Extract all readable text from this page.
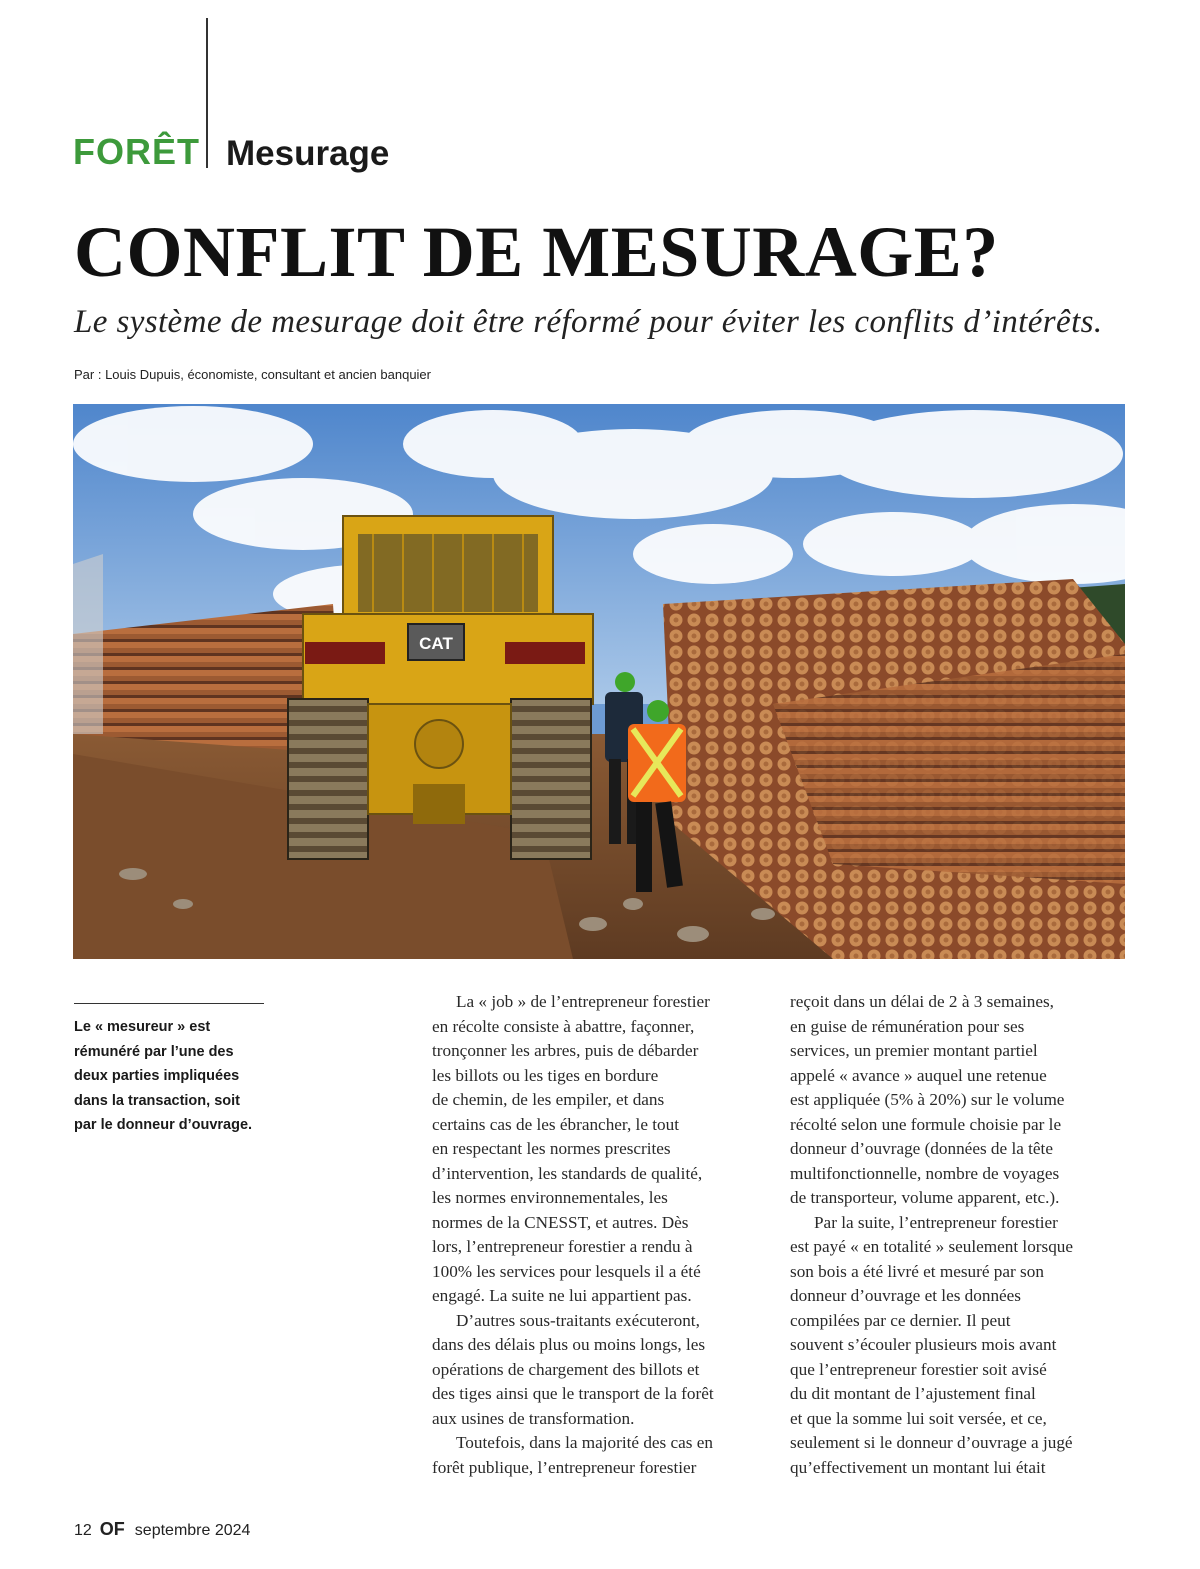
FORÊT Mesurage
CONFLIT DE MESURAGE?
Le système de mesurage doit être réformé pour éviter les conflits d’intérêts.
Par : Louis Dupuis, économiste, consultant et ancien banquier
CAT
Le « mesureur » est
rémunéré par l’une des
deux parties impliquées
dans la transaction, soit
par le donneur d’ouvrage.
La « job » de l’entrepreneur forestier
en récolte consiste à abattre, façonner,
tronçonner les arbres, puis de débarder
les billots ou les tiges en bordure
de chemin, de les empiler, et dans
certains cas de les ébrancher, le tout
en respectant les normes prescrites
d’intervention, les standards de qualité,
les normes environnementales, les
normes de la CNESST, et autres. Dès
lors, l’entrepreneur forestier a rendu à
100% les services pour lesquels il a été
engagé. La suite ne lui appartient pas.
D’autres sous-traitants exécuteront,
dans des délais plus ou moins longs, les
opérations de chargement des billots et
des tiges ainsi que le transport de la forêt
aux usines de transformation.
Toutefois, dans la majorité des cas en
forêt publique, l’entrepreneur forestier
reçoit dans un délai de 2 à 3 semaines,
en guise de rémunération pour ses
services, un premier montant partiel
appelé « avance » auquel une retenue
est appliquée (5% à 20%) sur le volume
récolté selon une formule choisie par le
donneur d’ouvrage (données de la tête
multifonctionnelle, nombre de voyages
de transporteur, volume apparent, etc.).
Par la suite, l’entrepreneur forestier
est payé « en totalité » seulement lorsque
son bois a été livré et mesuré par son
donneur d’ouvrage et les données
compilées par ce dernier. Il peut
souvent s’écouler plusieurs mois avant
que l’entrepreneur forestier soit avisé
du dit montant de l’ajustement final
et que la somme lui soit versée, et ce,
seulement si le donneur d’ouvrage a jugé
qu’effectivement un montant lui était
12 OF septembre 2024
